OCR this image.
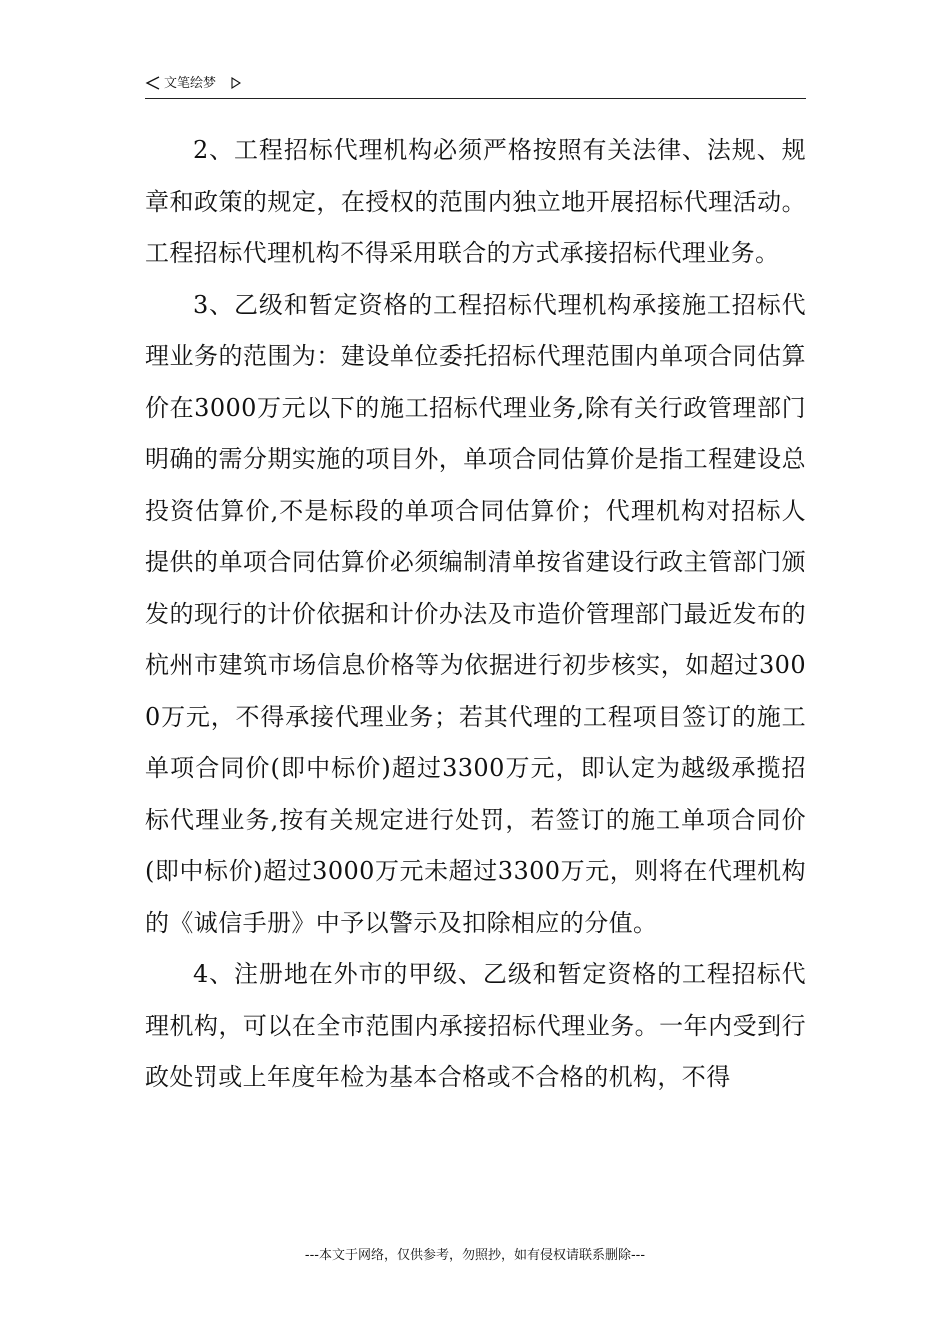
文笔绘梦

2、工程招标代理机构必须严格按照有关法律、法规、规章和政策的规定，在授权的范围内独立地开展招标代理活动。工程招标代理机构不得采用联合的方式承接招标代理业务。

3、乙级和暂定资格的工程招标代理机构承接施工招标代理业务的范围为：建设单位委托招标代理范围内单项合同估算价在3000万元以下的施工招标代理业务,除有关行政管理部门明确的需分期实施的项目外，单项合同估算价是指工程建设总投资估算价,不是标段的单项合同估算价；代理机构对招标人提供的单项合同估算价必须编制清单按省建设行政主管部门颁发的现行的计价依据和计价办法及市造价管理部门最近发布的杭州市建筑市场信息价格等为依据进行初步核实，如超过3000万元，不得承接代理业务；若其代理的工程项目签订的施工单项合同价(即中标价)超过3300万元，即认定为越级承揽招标代理业务,按有关规定进行处罚，若签订的施工单项合同价(即中标价)超过3000万元未超过3300万元，则将在代理机构的《诚信手册》中予以警示及扣除相应的分值。

4、注册地在外市的甲级、乙级和暂定资格的工程招标代理机构，可以在全市范围内承接招标代理业务。一年内受到行政处罚或上年度年检为基本合格或不合格的机构，不得

---本文于网络，仅供参考，勿照抄，如有侵权请联系删除---
